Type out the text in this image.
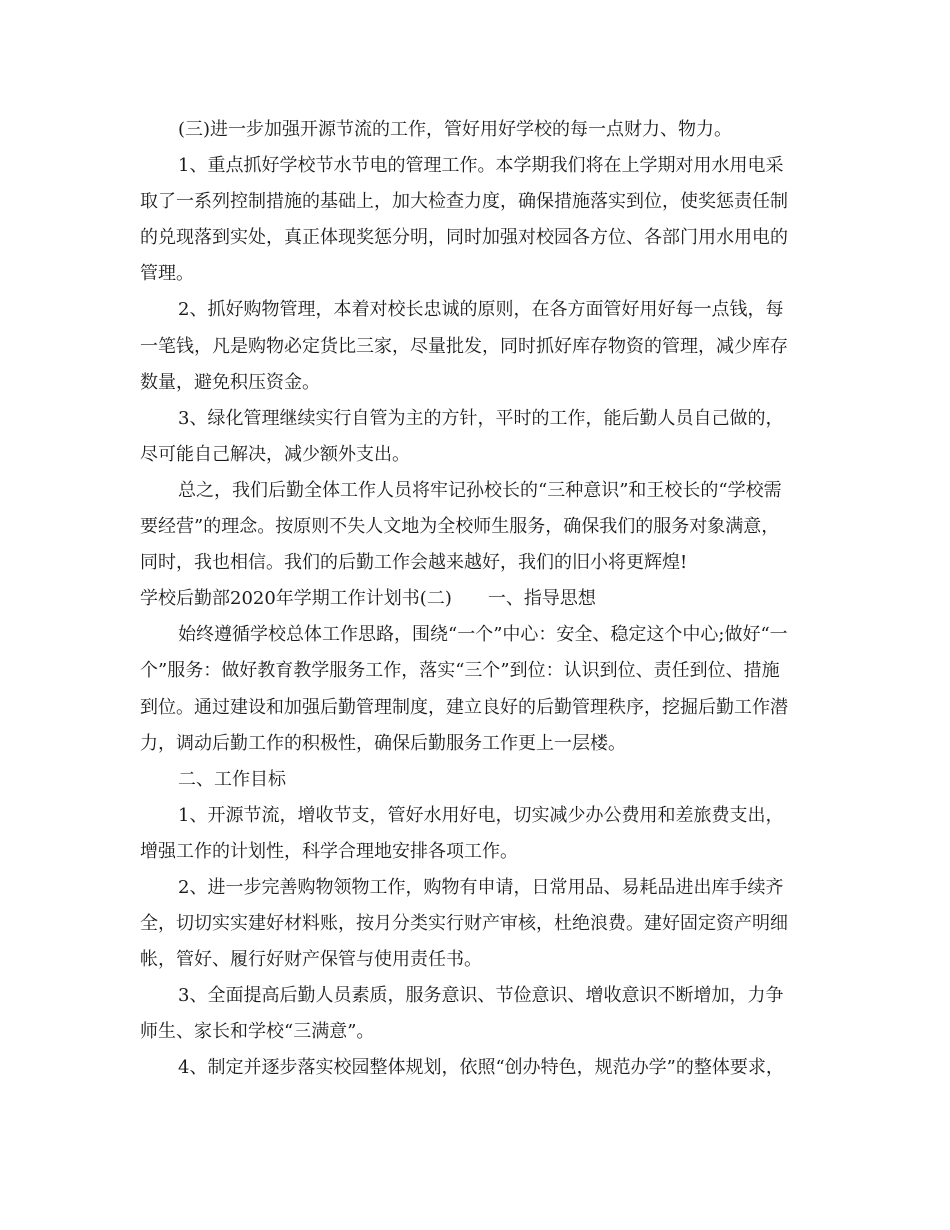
(三)进一步加强开源节流的工作，管好用好学校的每一点财力、物力。
1、重点抓好学校节水节电的管理工作。本学期我们将在上学期对用水用电采
取了一系列控制措施的基础上，加大检查力度，确保措施落实到位，使奖惩责任制
的兑现落到实处，真正体现奖惩分明，同时加强对校园各方位、各部门用水用电的
管理。
2、抓好购物管理，本着对校长忠诚的原则，在各方面管好用好每一点钱，每
一笔钱，凡是购物必定货比三家，尽量批发，同时抓好库存物资的管理，减少库存
数量，避免积压资金。
3、绿化管理继续实行自管为主的方针，平时的工作，能后勤人员自己做的，
尽可能自己解决，减少额外支出。
总之，我们后勤全体工作人员将牢记孙校长的“三种意识”和王校长的“学校需
要经营”的理念。按原则不失人文地为全校师生服务，确保我们的服务对象满意，
同时，我也相信。我们的后勤工作会越来越好，我们的旧小将更辉煌!
学校后勤部2020年学期工作计划书(二)　　一、指导思想
始终遵循学校总体工作思路，围绕“一个”中心：安全、稳定这个中心;做好“一
个”服务：做好教育教学服务工作，落实“三个”到位：认识到位、责任到位、措施
到位。通过建设和加强后勤管理制度，建立良好的后勤管理秩序，挖掘后勤工作潜
力，调动后勤工作的积极性，确保后勤服务工作更上一层楼。
二、工作目标
1、开源节流，增收节支，管好水用好电，切实减少办公费用和差旅费支出，
增强工作的计划性，科学合理地安排各项工作。
2、进一步完善购物领物工作，购物有申请，日常用品、易耗品进出库手续齐
全，切切实实建好材料账，按月分类实行财产审核，杜绝浪费。建好固定资产明细
帐，管好、履行好财产保管与使用责任书。
3、全面提高后勤人员素质，服务意识、节俭意识、增收意识不断增加，力争
师生、家长和学校“三满意”。
4、制定并逐步落实校园整体规划，依照“创办特色，规范办学”的整体要求，
